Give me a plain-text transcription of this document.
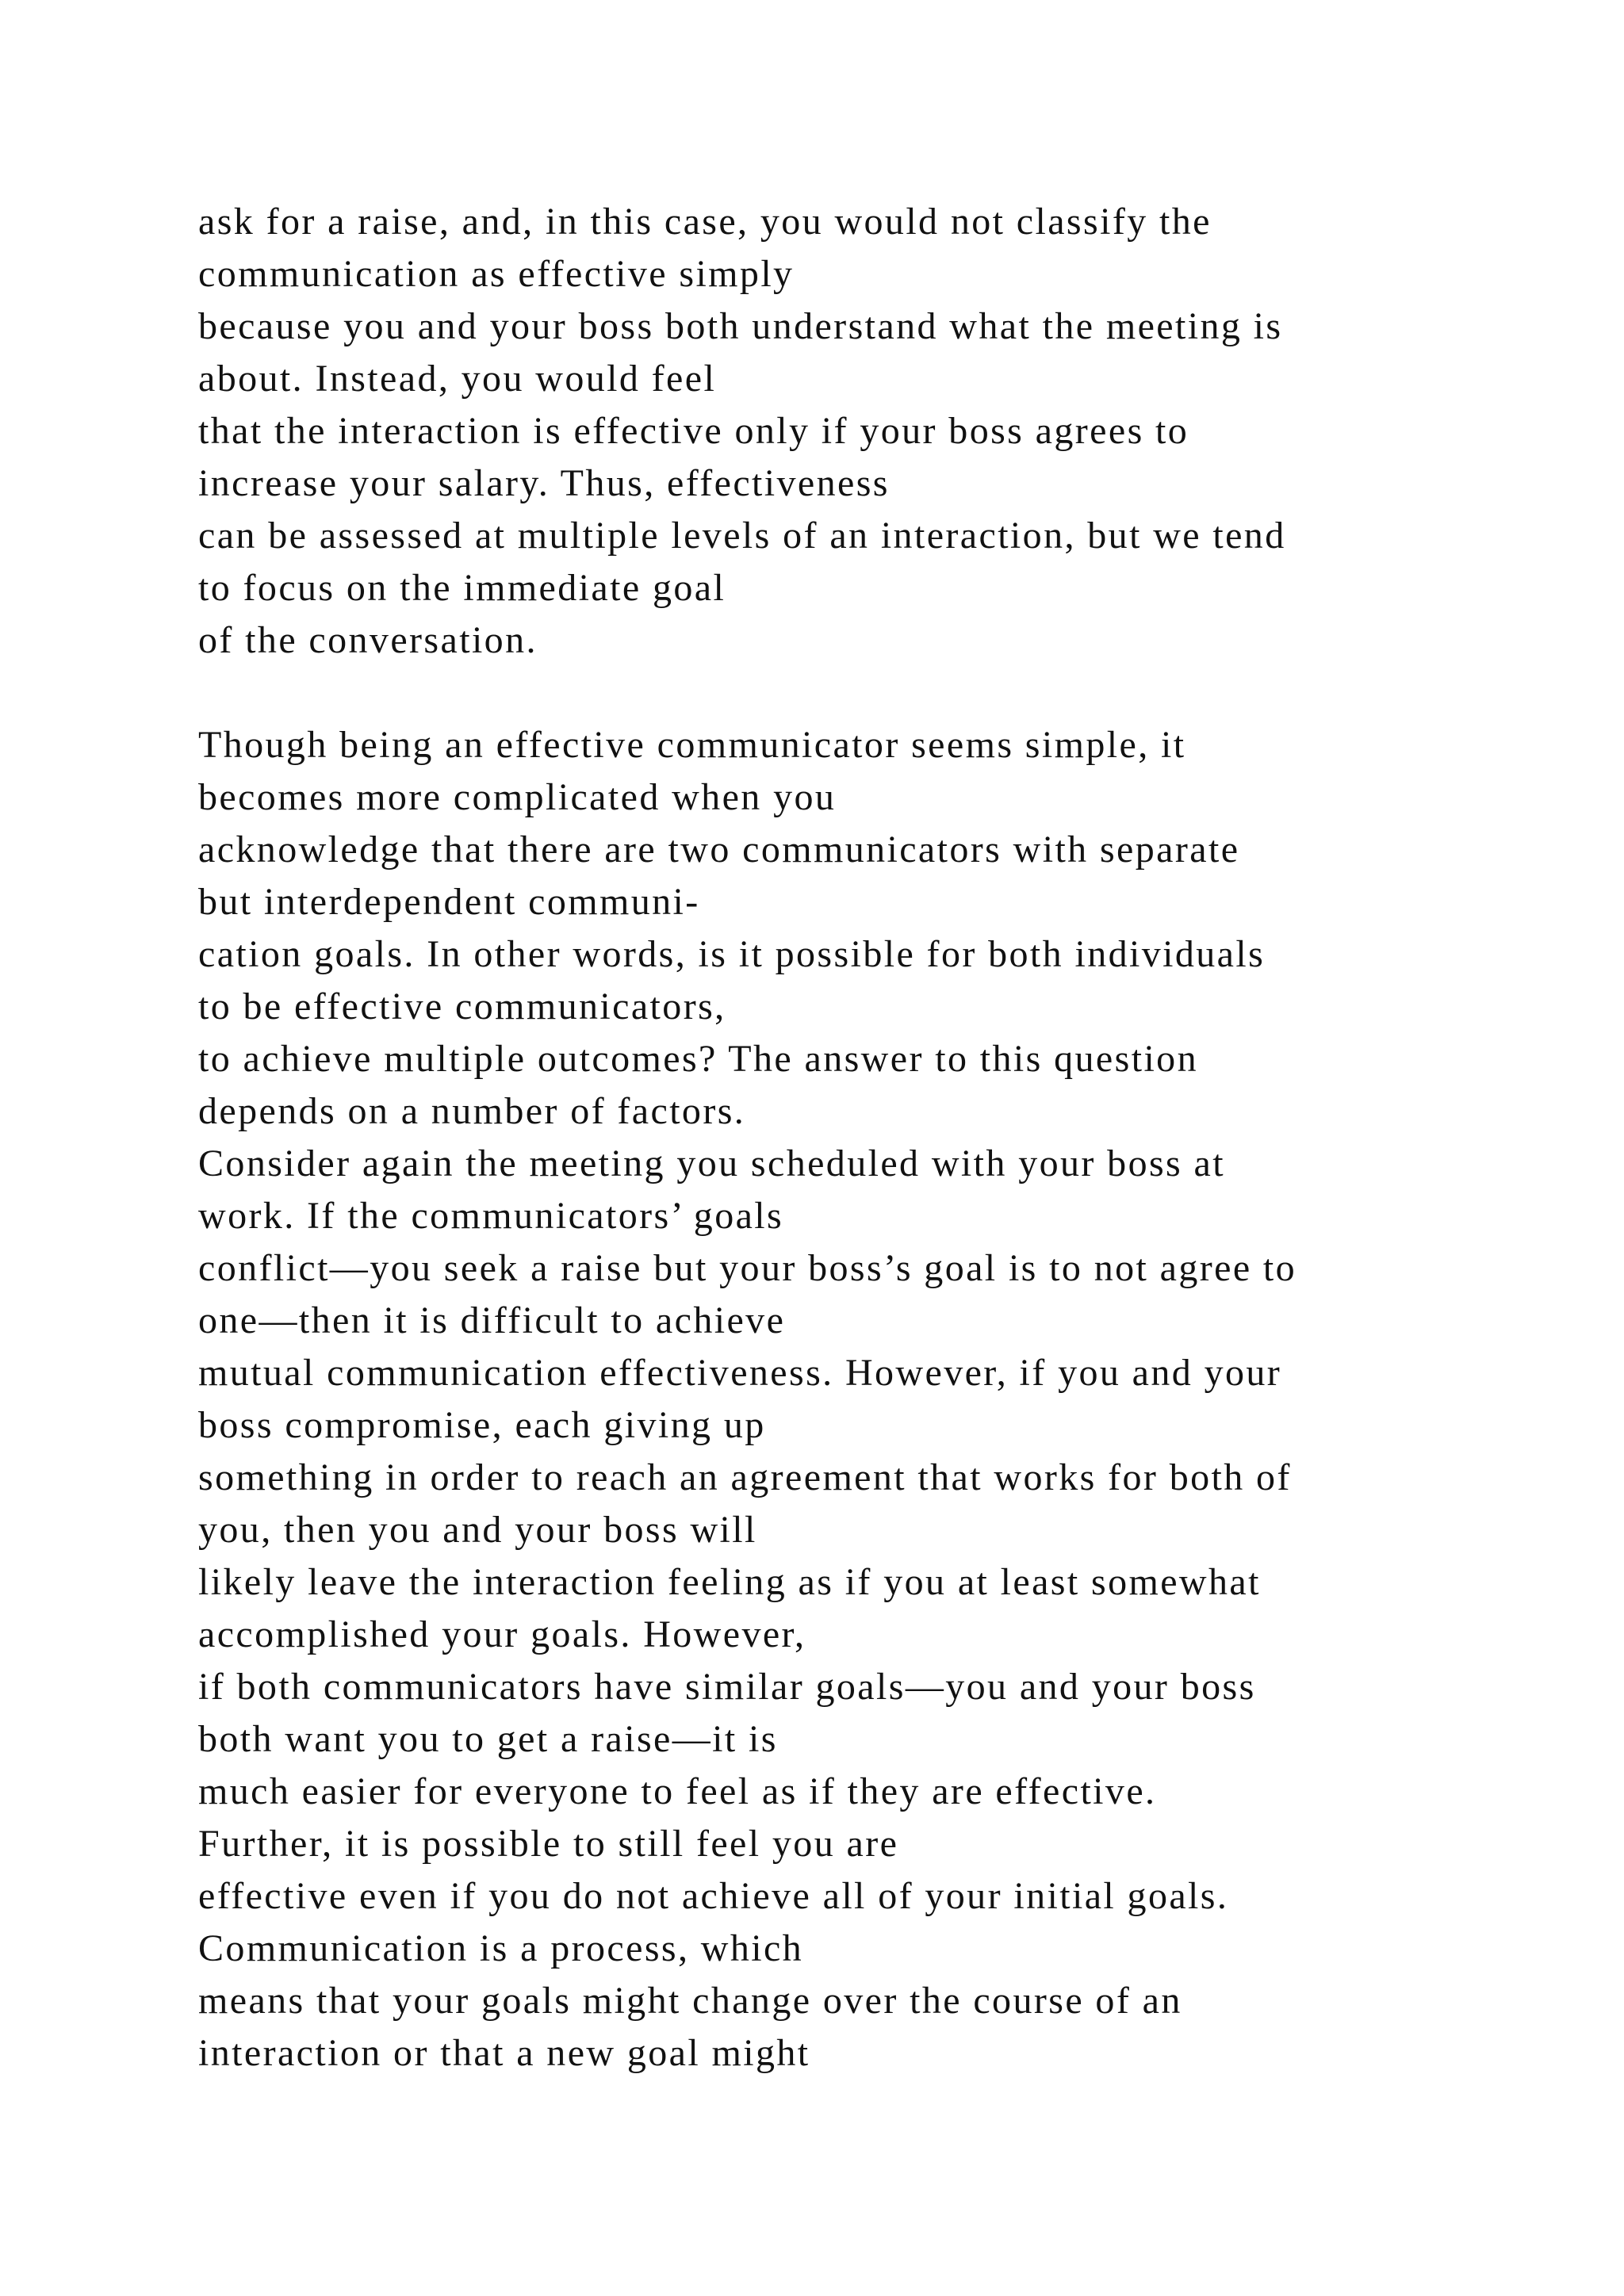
ask for a raise, and, in this case, you would not classify the
communication as effective simply
because you and your boss both understand what the meeting is
about. Instead, you would feel
that the interaction is effective only if your boss agrees to
increase your salary. Thus, effectiveness
can be assessed at multiple levels of an interaction, but we tend
to focus on the immediate goal
of the conversation.
Though being an effective communicator seems simple, it
becomes more complicated when you
acknowledge that there are two communicators with separate
but interdependent communi-
cation goals. In other words, is it possible for both individuals
to be effective communicators,
to achieve multiple outcomes? The answer to this question
depends on a number of factors.
Consider again the meeting you scheduled with your boss at
work. If the communicators’ goals
conflict—you seek a raise but your boss’s goal is to not agree to
one—then it is difficult to achieve
mutual communication effectiveness. However, if you and your
boss compromise, each giving up
something in order to reach an agreement that works for both of
you, then you and your boss will
likely leave the interaction feeling as if you at least somewhat
accomplished your goals. However,
if both communicators have similar goals—you and your boss
both want you to get a raise—it is
much easier for everyone to feel as if they are effective.
Further, it is possible to still feel you are
effective even if you do not achieve all of your initial goals.
Communication is a process, which
means that your goals might change over the course of an
interaction or that a new goal might
